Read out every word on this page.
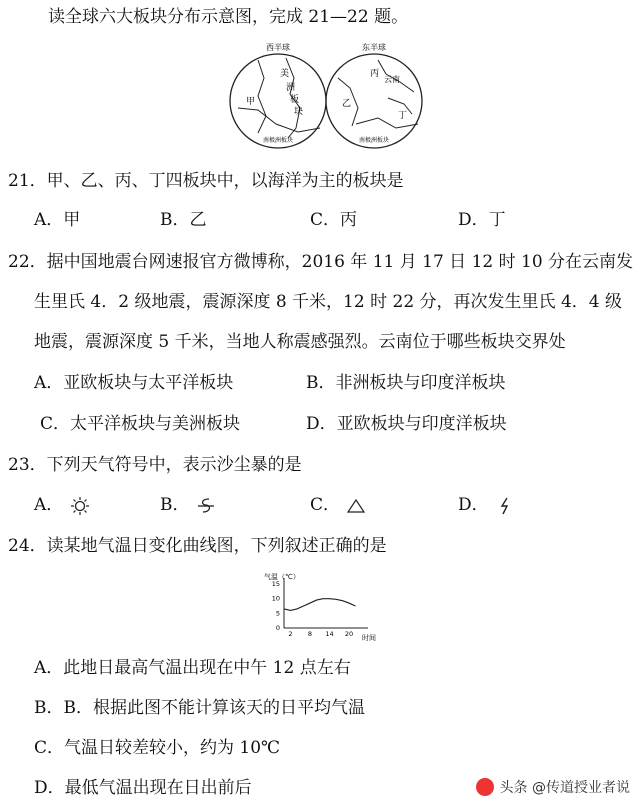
读全球六大板块分布示意图，完成 21—22 题。
西半球	东半球
甲
美
洲
板
块
乙
丙
云南
丁
南极洲板块	南极洲板块
21．甲、乙、丙、丁四板块中，以海洋为主的板块是
A．甲	B．乙	C．丙	D．丁
22．据中国地震台网速报官方微博称，2016 年 11 月 17 日 12 时 10 分在云南发
生里氏 4．2 级地震，震源深度 8 千米，12 时 22 分，再次发生里氏 4．4 级
地震，震源深度 5 千米，当地人称震感强烈。云南位于哪些板块交界处
A．亚欧板块与太平洋板块	B．非洲板块与印度洋板块
C．太平洋板块与美洲板块	D．亚欧板块与印度洋板块
23．下列天气符号中，表示沙尘暴的是
A．	B．	C．	D．
24．读某地气温日变化曲线图，下列叙述正确的是
气温（℃）
时间
2 8 14 20
0
5
10
15
A．此地日最高气温出现在中午 12 点左右
B．B．根据此图不能计算该天的日平均气温
C．气温日较差较小，约为 10℃
D．最低气温出现在日出前后	头条 @传道授业者说
